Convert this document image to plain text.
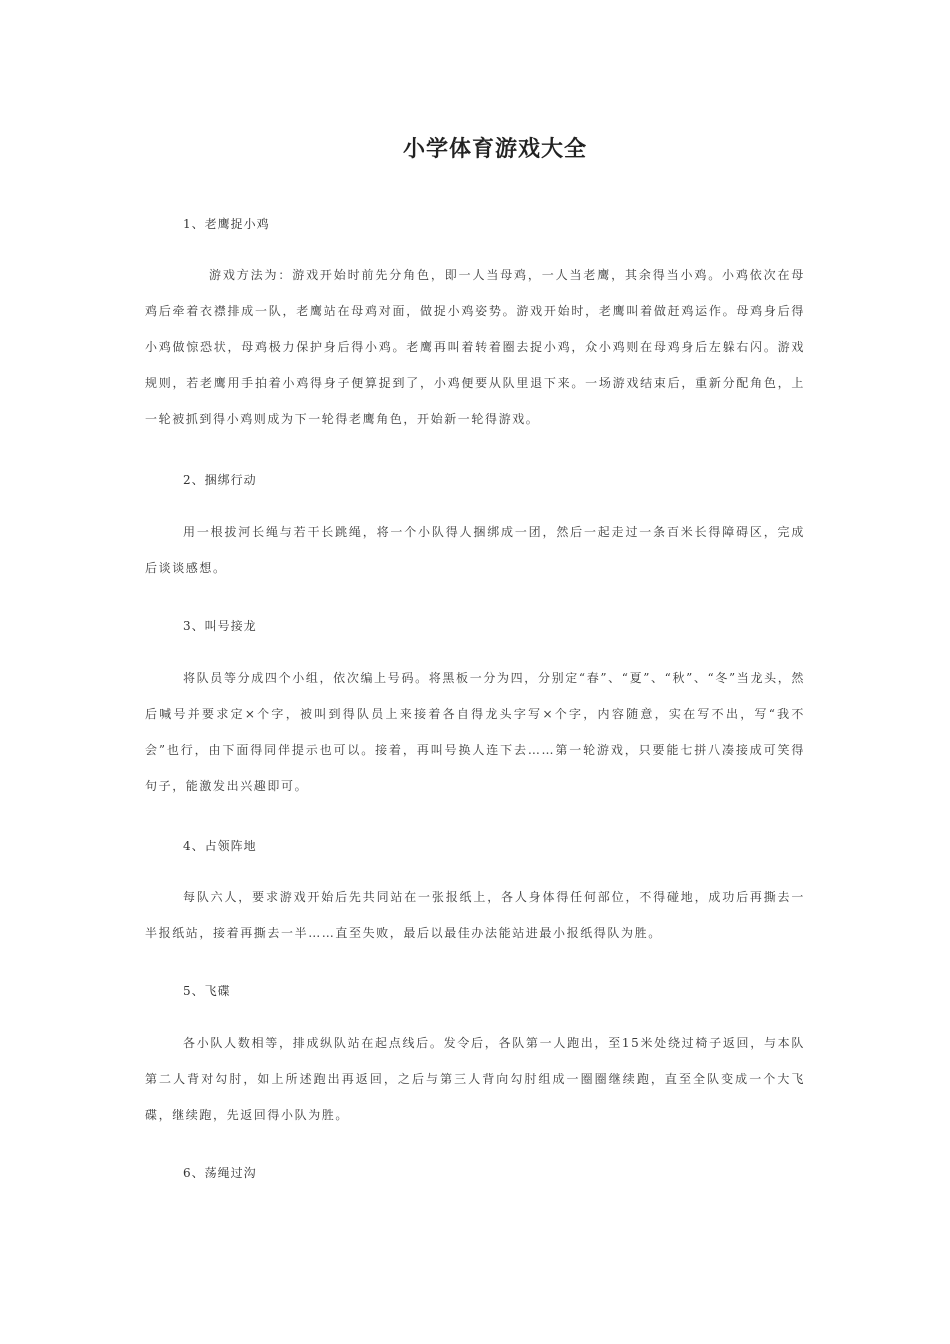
小学体育游戏大全
1、老鹰捉小鸡
游戏方法为：游戏开始时前先分角色，即一人当母鸡，一人当老鹰，其余得当小鸡。小鸡依次在母鸡后牵着衣襟排成一队，老鹰站在母鸡对面，做捉小鸡姿势。游戏开始时，老鹰叫着做赶鸡运作。母鸡身后得小鸡做惊恐状，母鸡极力保护身后得小鸡。老鹰再叫着转着圈去捉小鸡，众小鸡则在母鸡身后左躲右闪。游戏规则，若老鹰用手拍着小鸡得身子便算捉到了，小鸡便要从队里退下来。一场游戏结束后，重新分配角色，上一轮被抓到得小鸡则成为下一轮得老鹰角色，开始新一轮得游戏。
2、捆绑行动
用一根拔河长绳与若干长跳绳，将一个小队得人捆绑成一团，然后一起走过一条百米长得障碍区，完成后谈谈感想。
3、叫号接龙
将队员等分成四个小组，依次编上号码。将黑板一分为四，分别定“春”、“夏”、“秋”、“冬”当龙头，然后喊号并要求定×个字，被叫到得队员上来接着各自得龙头字写×个字，内容随意，实在写不出，写“我不会”也行，由下面得同伴提示也可以。接着，再叫号换人连下去……第一轮游戏，只要能七拼八凑接成可笑得句子，能激发出兴趣即可。
4、占领阵地
每队六人，要求游戏开始后先共同站在一张报纸上，各人身体得任何部位，不得碰地，成功后再撕去一半报纸站，接着再撕去一半……直至失败，最后以最佳办法能站进最小报纸得队为胜。
5、飞碟
各小队人数相等，排成纵队站在起点线后。发令后，各队第一人跑出，至15米处绕过椅子返回，与本队第二人背对勾肘，如上所述跑出再返回，之后与第三人背向勾肘组成一圈圈继续跑，直至全队变成一个大飞碟，继续跑，先返回得小队为胜。
6、荡绳过沟
